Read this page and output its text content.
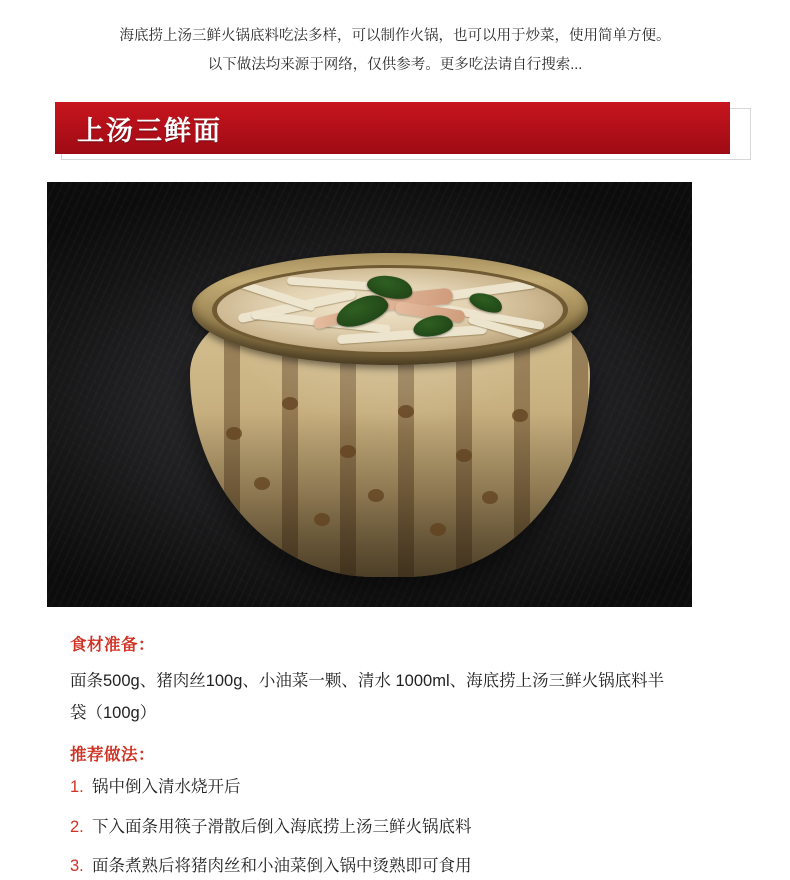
海底捞上汤三鲜火锅底料吃法多样，可以制作火锅，也可以用于炒菜，使用简单方便。
以下做法均来源于网络，仅供参考。更多吃法请自行搜索...
上汤三鲜面
食材准备：
面条500g、猪肉丝100g、小油菜一颗、清水 1000ml、海底捞上汤三鲜火锅底料半袋（100g）
推荐做法：
1. 锅中倒入清水烧开后
2. 下入面条用筷子滑散后倒入海底捞上汤三鲜火锅底料
3. 面条煮熟后将猪肉丝和小油菜倒入锅中烫熟即可食用
